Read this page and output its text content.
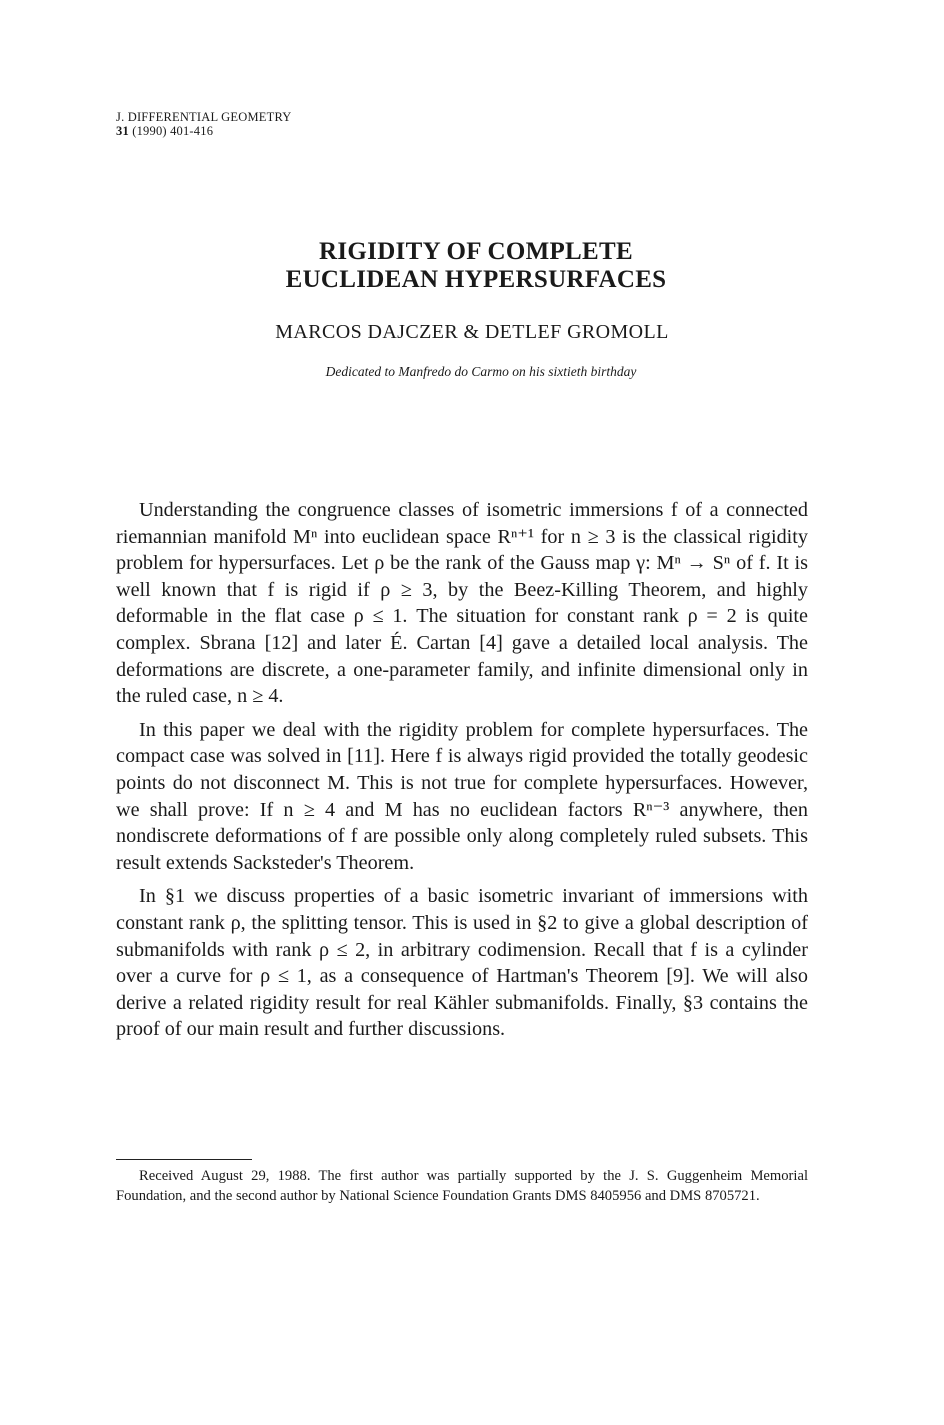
J. DIFFERENTIAL GEOMETRY
31 (1990) 401-416
RIGIDITY OF COMPLETE
EUCLIDEAN HYPERSURFACES
MARCOS DAJCZER & DETLEF GROMOLL
Dedicated to Manfredo do Carmo on his sixtieth birthday

Understanding the congruence classes of isometric immersions f of a connected riemannian manifold Mⁿ into euclidean space Rⁿ⁺¹ for n ≥ 3 is the classical rigidity problem for hypersurfaces. Let ρ be the rank of the Gauss map γ: Mⁿ → Sⁿ of f. It is well known that f is rigid if ρ ≥ 3, by the Beez-Killing Theorem, and highly deformable in the flat case ρ ≤ 1. The situation for constant rank ρ = 2 is quite complex. Sbrana [12] and later É. Cartan [4] gave a detailed local analysis. The deformations are discrete, a one-parameter family, and infinite dimensional only in the ruled case, n ≥ 4.

In this paper we deal with the rigidity problem for complete hypersurfaces. The compact case was solved in [11]. Here f is always rigid provided the totally geodesic points do not disconnect M. This is not true for complete hypersurfaces. However, we shall prove: If n ≥ 4 and M has no euclidean factors Rⁿ⁻³ anywhere, then nondiscrete deformations of f are possible only along completely ruled subsets. This result extends Sacksteder's Theorem.

In §1 we discuss properties of a basic isometric invariant of immersions with constant rank ρ, the splitting tensor. This is used in §2 to give a global description of submanifolds with rank ρ ≤ 2, in arbitrary codimension. Recall that f is a cylinder over a curve for ρ ≤ 1, as a consequence of Hartman's Theorem [9]. We will also derive a related rigidity result for real Kähler submanifolds. Finally, §3 contains the proof of our main result and further discussions.

Received August 29, 1988. The first author was partially supported by the J. S. Guggenheim Memorial Foundation, and the second author by National Science Foundation Grants DMS 8405956 and DMS 8705721.
